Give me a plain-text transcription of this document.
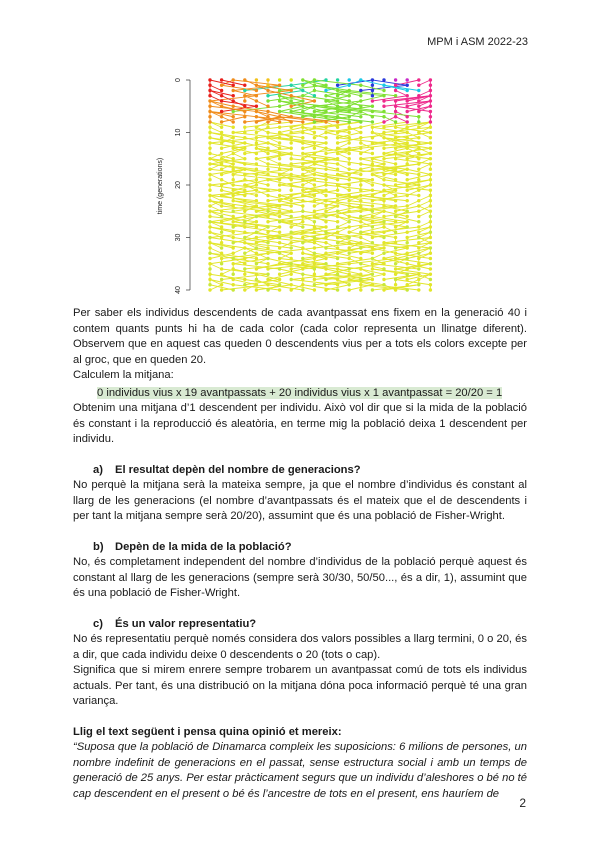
MPM i ASM 2022-23
0
10
20
30
40
time (generations)

Per saber els individus descendents de cada avantpassat ens fixem en la generació 40 i contem quants punts hi ha de cada color (cada color representa un llinatge diferent). Observem que en aquest cas queden 0 descendents vius per a tots els colors excepte per al groc, que en queden 20.

Calculem la mitjana:

0 individus vius x 19 avantpassats + 20 individus vius x 1 avantpassat = 20/20 = 1

Obtenim una mitjana d’1 descendent per individu. Això vol dir que si la mida de la població és constant i la reproducció és aleatòria, en terme mig la població deixa 1 descendent per individu.

a) El resultat depèn del nombre de generacions?

No perquè la mitjana serà la mateixa sempre, ja que el nombre d’individus és constant al llarg de les generacions (el nombre d’avantpassats és el mateix que el de descendents i per tant la mitjana sempre serà 20/20), assumint que és una població de Fisher-Wright.

b) Depèn de la mida de la població?

No, és completament independent del nombre d’individus de la població perquè aquest és constant al llarg de les generacions (sempre serà 30/30, 50/50..., és a dir, 1), assumint que és una població de Fisher-Wright.

c) És un valor representatiu?

No és representatiu perquè només considera dos valors possibles a llarg termini, 0 o 20, és a dir, que cada individu deixe 0 descendents o 20 (tots o cap).

Significa que si mirem enrere sempre trobarem un avantpassat comú de tots els individus actuals. Per tant, és una distribució on la mitjana dóna poca informació perquè té una gran variança.

Llig el text següent i pensa quina opinió et mereix:

“Suposa que la població de Dinamarca compleix les suposicions: 6 milions de persones, un nombre indefinit de generacions en el passat, sense estructura social i amb un temps de generació de 25 anys. Per estar pràcticament segurs que un individu d’aleshores o bé no té cap descendent en el present o bé és l’ancestre de tots en el present, ens hauríem de

2
